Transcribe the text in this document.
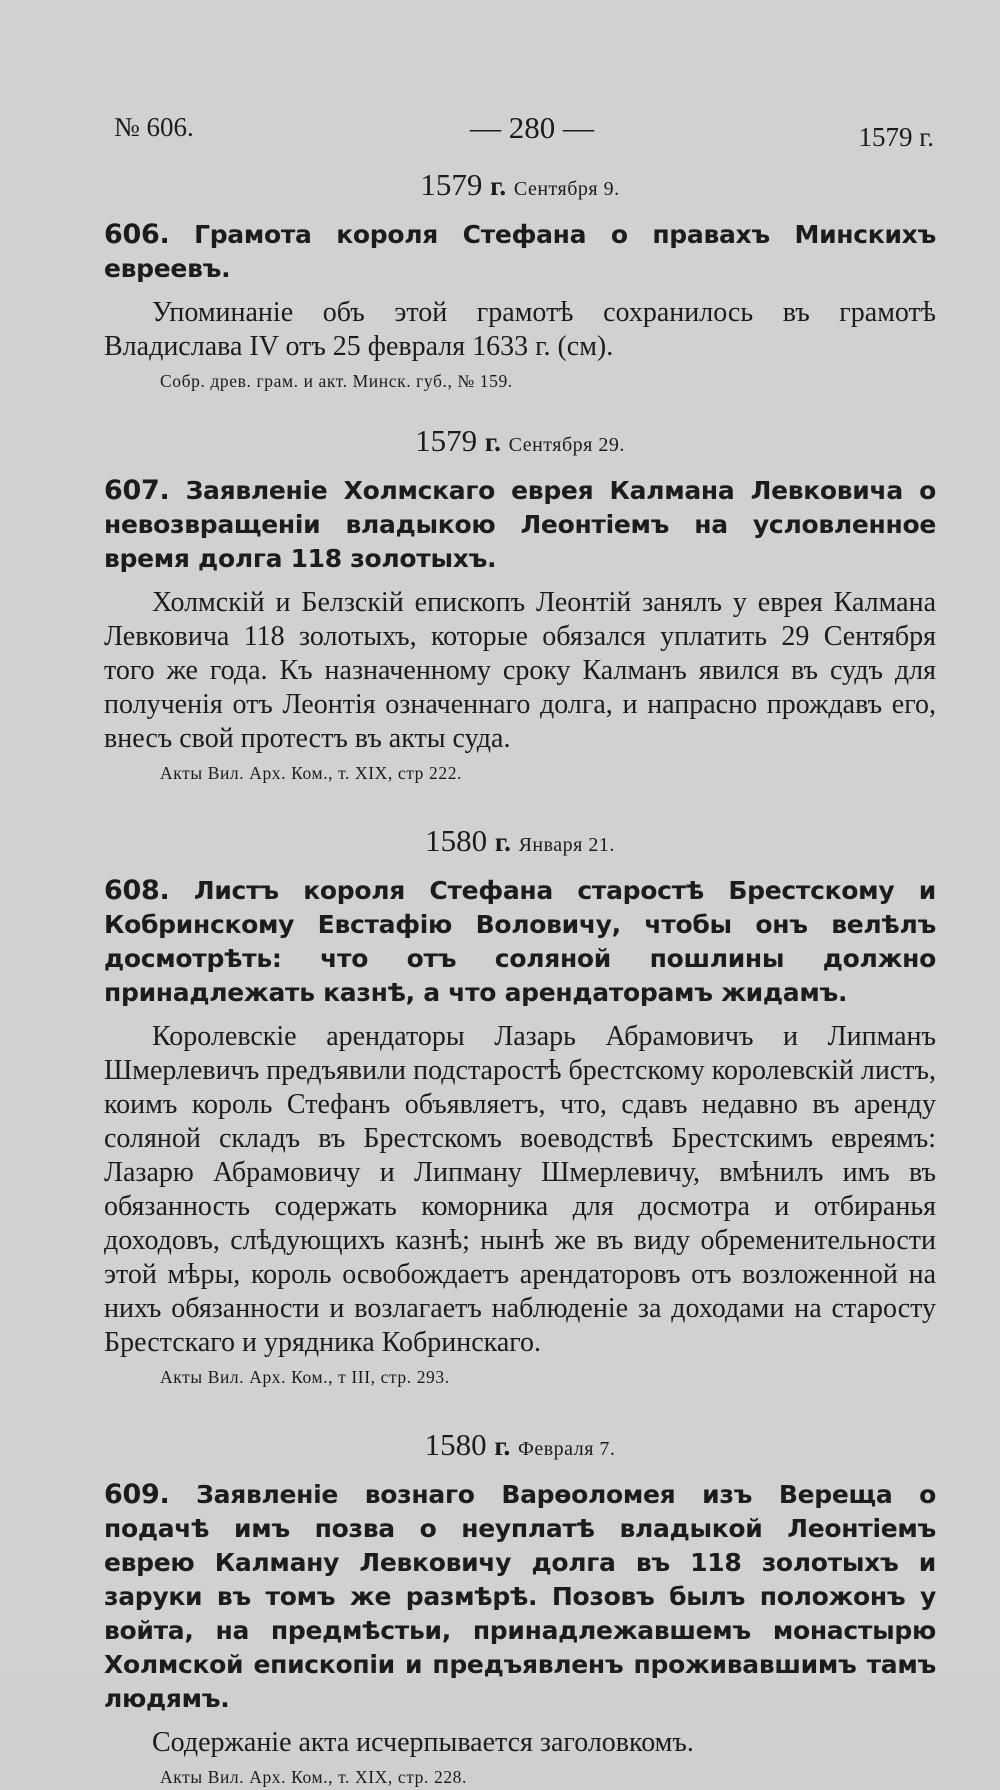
№ 606.	— 280 —	1579 г.
1579 г. Сентября 9.

606. Грамота короля Стефана о правахъ Минскихъ евреевъ.

Упоминаніе объ этой грамотѣ сохранилось въ грамотѣ Владислава IV отъ 25 февраля 1633 г. (см).

Собр. древ. грам. и акт. Минск. губ., № 159.
1579 г. Сентября 29.

607. Заявленіе Холмскаго еврея Калмана Левковича о невозвращеніи владыкою Леонтіемъ на условленное время долга 118 золотыхъ.

Холмскій и Белзскій епископъ Леонтій занялъ у еврея Калмана Левковича 118 золотыхъ, которые обязался уплатить 29 Сентября того же года. Къ назначенному сроку Калманъ явился въ судъ для полученія отъ Леонтія означеннаго долга, и напрасно прождавъ его, внесъ свой протестъ въ акты суда.

Акты Вил. Арх. Ком., т. XIX, стр 222.
1580 г. Января 21.

608. Листъ короля Стефана старостѣ Брестскому и Кобринскому Евстафію Воловичу, чтобы онъ велѣлъ досмотрѣть: что отъ соляной пошлины должно принадлежать казнѣ, а что арендаторамъ жидамъ.

Королевскіе арендаторы Лазарь Абрамовичъ и Липманъ Шмерлевичъ предъявили подстаростѣ брестскому королевскій листъ, коимъ король Стефанъ объявляетъ, что, сдавъ недавно въ аренду соляной складъ въ Брестскомъ воеводствѣ Брестскимъ евреямъ: Лазарю Абрамовичу и Липману Шмерлевичу, вмѣнилъ имъ въ обязанность содержать коморника для досмотра и отбиранья доходовъ, слѣдующихъ казнѣ; нынѣ же въ виду обременительности этой мѣры, король освобождаетъ арендаторовъ отъ возложенной на нихъ обязанности и возлагаетъ наблюденіе за доходами на старосту Брестскаго и урядника Кобринскаго.

Акты Вил. Арх. Ком., т III, стр. 293.
1580 г. Февраля 7.

609. Заявленіе вознаго Варѳоломея изъ Вереща о подачѣ имъ позва о неуплатѣ владыкой Леонтіемъ еврею Калману Левковичу долга въ 118 золотыхъ и заруки въ томъ же размѣрѣ. Позовъ былъ положонъ у войта, на предмѣстьи, принадлежавшемъ монастырю Холмской епископіи и предъявленъ проживавшимъ тамъ людямъ.

Содержаніе акта исчерпывается заголовкомъ.

Акты Вил. Арх. Ком., т. XIX, стр. 228.
